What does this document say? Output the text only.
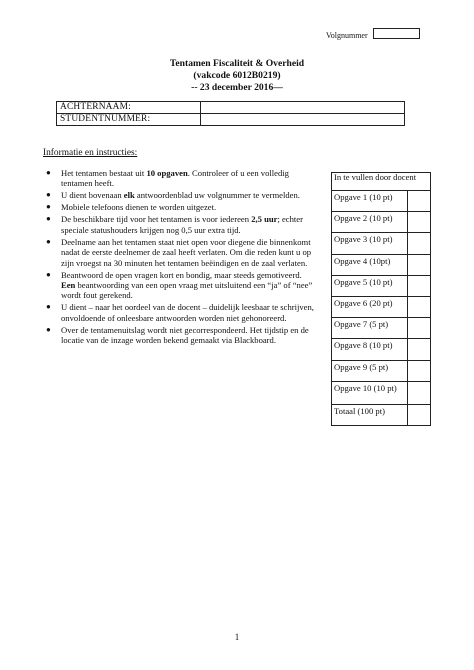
Volgnummer
Tentamen Fiscaliteit & Overheid
(vakcode 6012B0219)
-- 23 december 2016—
ACHTERNAAM:	
STUDENTNUMMER:	
Informatie en instructies:
● Het tentamen bestaat uit 10 opgaven. Controleer of u een volledig tentamen heeft.
● U dient bovenaan elk antwoordenblad uw volgnummer te vermelden.
● Mobiele telefoons dienen te worden uitgezet.
● De beschikbare tijd voor het tentamen is voor iedereen 2,5 uur; echter speciale statushouders krijgen nog 0,5 uur extra tijd.
● Deelname aan het tentamen staat niet open voor diegene die binnenkomt nadat de eerste deelnemer de zaal heeft verlaten. Om die reden kunt u op zijn vroegst na 30 minuten het tentamen beëindigen en de zaal verlaten.
● Beantwoord de open vragen kort en bondig, maar steeds gemotiveerd. Een beantwoording van een open vraag met uitsluitend een “ja” of “nee” wordt fout gerekend.
● U dient – naar het oordeel van de docent – duidelijk leesbaar te schrijven, onvoldoende of onleesbare antwoorden worden niet gehonoreerd.
● Over de tentamenuitslag wordt niet gecorrespondeerd. Het tijdstip en de locatie van de inzage worden bekend gemaakt via Blackboard.
In te vullen door docent	
Opgave 1 (10 pt)	
Opgave 2 (10 pt)	
Opgave 3 (10 pt)	
Opgave 4 (10pt)	
Opgave 5 (10 pt)	
Opgave 6 (20 pt)	
Opgave 7 (5 pt)	
Opgave 8 (10 pt)	
Opgave 9 (5 pt)	
Opgave 10 (10 pt)	
Totaal (100 pt)	
1
